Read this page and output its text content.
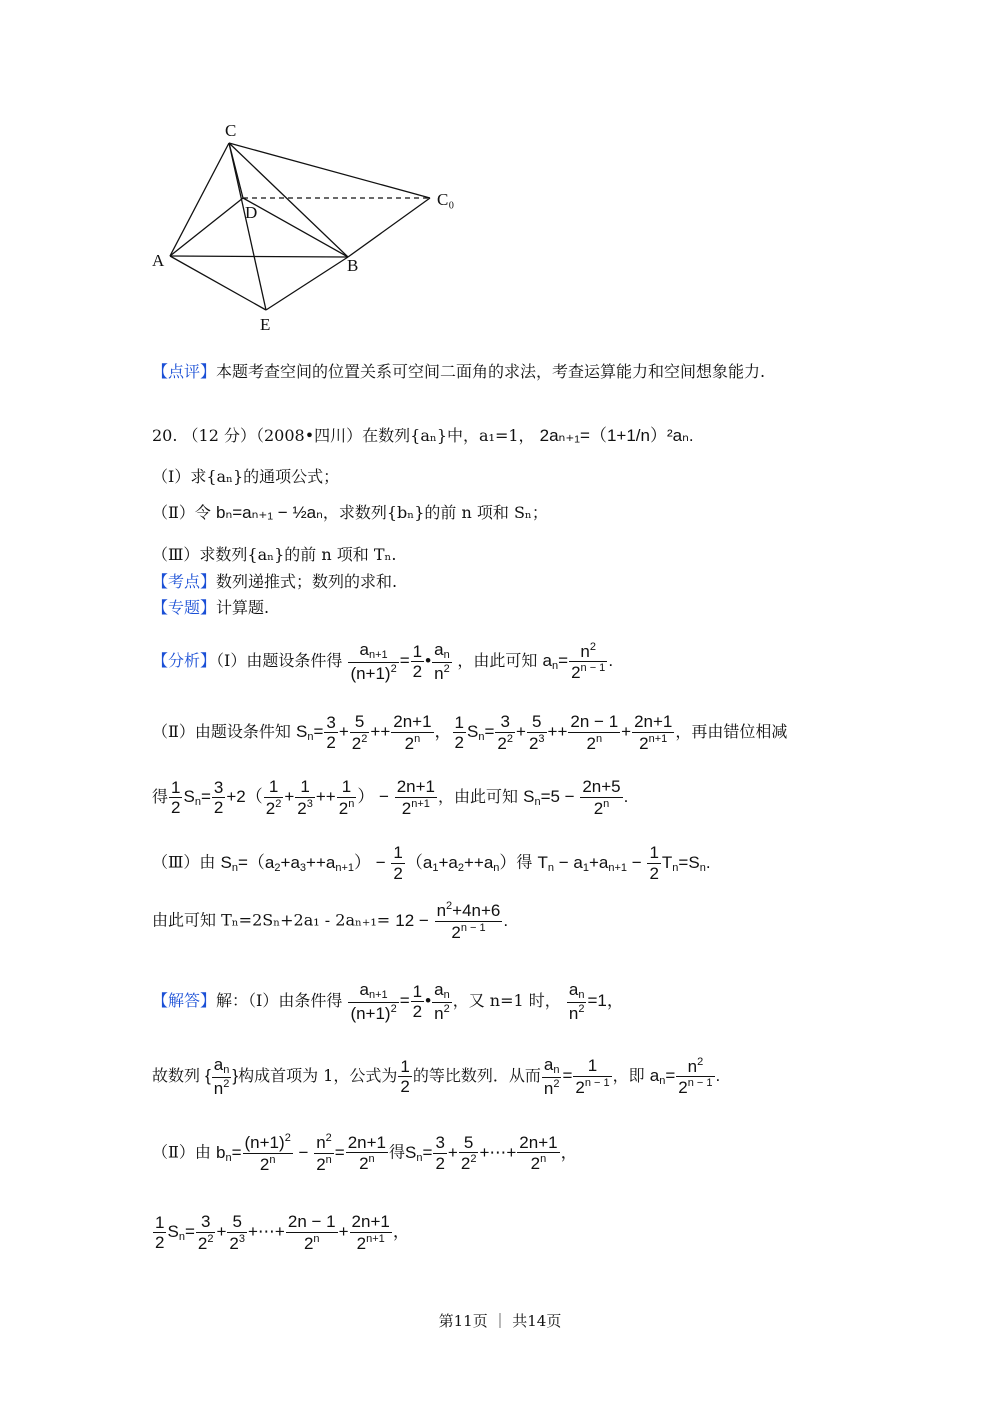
C
C₀
D
A	B
E
【点评】本题考查空间的位置关系可空间二面角的求法，考查运算能力和空间想象能力.
20. （12 分）（2008•四川）在数列{aₙ}中，a₁=1， 2aₙ₊₁=（1+1/n）²aₙ.
（Ⅰ）求{aₙ}的通项公式；
（Ⅱ）令 bₙ=aₙ₊₁ − ½aₙ，求数列{bₙ}的前 n 项和 Sₙ；
（Ⅲ）求数列{aₙ}的前 n 项和 Tₙ.
【考点】数列递推式；数列的求和.
【专题】计算题.
【分析】（Ⅰ）由题设条件得 $\frac{a_{n+1}}{(n+1)^2} = \frac{1}{2}$ • $\frac{a_n}{n^2}$ ，由此可知 $a_n= \frac{n^2}{2^{n - 1}}$ .
（Ⅱ）由题设条件知 $S_n= \frac{3}{2} + \frac{5}{2^2} ++ \frac{2n+1}{2^n}$ ， $\frac{1}{2} S_n= \frac{3}{2^2} + \frac{5}{2^3} ++ \frac{2n - 1}{2^n} + \frac{2n+1}{2^{n+1}}$ ，再由错位相减
得 $\frac{1}{2} S_n= \frac{3}{2} +2( \frac{1}{2^2} + \frac{1}{2^3} ++ \frac{1}{2^n}$ ） − $\frac{2n+1}{2^{n+1}}$ ，由此可知 $S_n=5 - \frac{2n+5}{2^n}$ .
（Ⅲ）由 $S_n=(a_2+a_3++a_{n+1}) - \frac{1}{2} (a_1+a_2++a_n)$得 $T_n - a_1+a_{n+1} - \frac{1}{2} T_n=S_n$.
由此可知 $T_n=2S_n+2a_1 - 2a_{n+1}= 12 - \frac{n^2+4n+6}{2^{n - 1}}$ .
【解答】解：（Ⅰ）由条件得 $\frac{a_{n+1}}{(n+1)^2} = \frac{1}{2}$ • $\frac{a_n}{n^2}$ ，又 n=1 时， $\frac{a_n}{n^2} =1$，
故数列 { $\frac{a_n}{n^2}$ }构成首项为 1，公式为 $\frac{1}{2}$ 的等比数列．从而 $\frac{a_n}{n^2} = \frac{1}{2^{n - 1}}$ ，即 $a_n= \frac{n^2}{2^{n - 1}}$ .
（Ⅱ）由 $b_n= \frac{(n+1)^2}{2^n} - \frac{n^2}{2^n} = \frac{2n+1}{2^n}$ 得$S_n= \frac{3}{2} + \frac{5}{2^2}$ +⋯+ $\frac{2n+1}{2^n}$ ，
$\frac{1}{2} S_n= \frac{3}{2^2} + \frac{5}{2^3}$ +⋯+ $\frac{2n - 1}{2^n} + \frac{2n+1}{2^{n+1}}$ ，
第11页 ｜ 共14页
